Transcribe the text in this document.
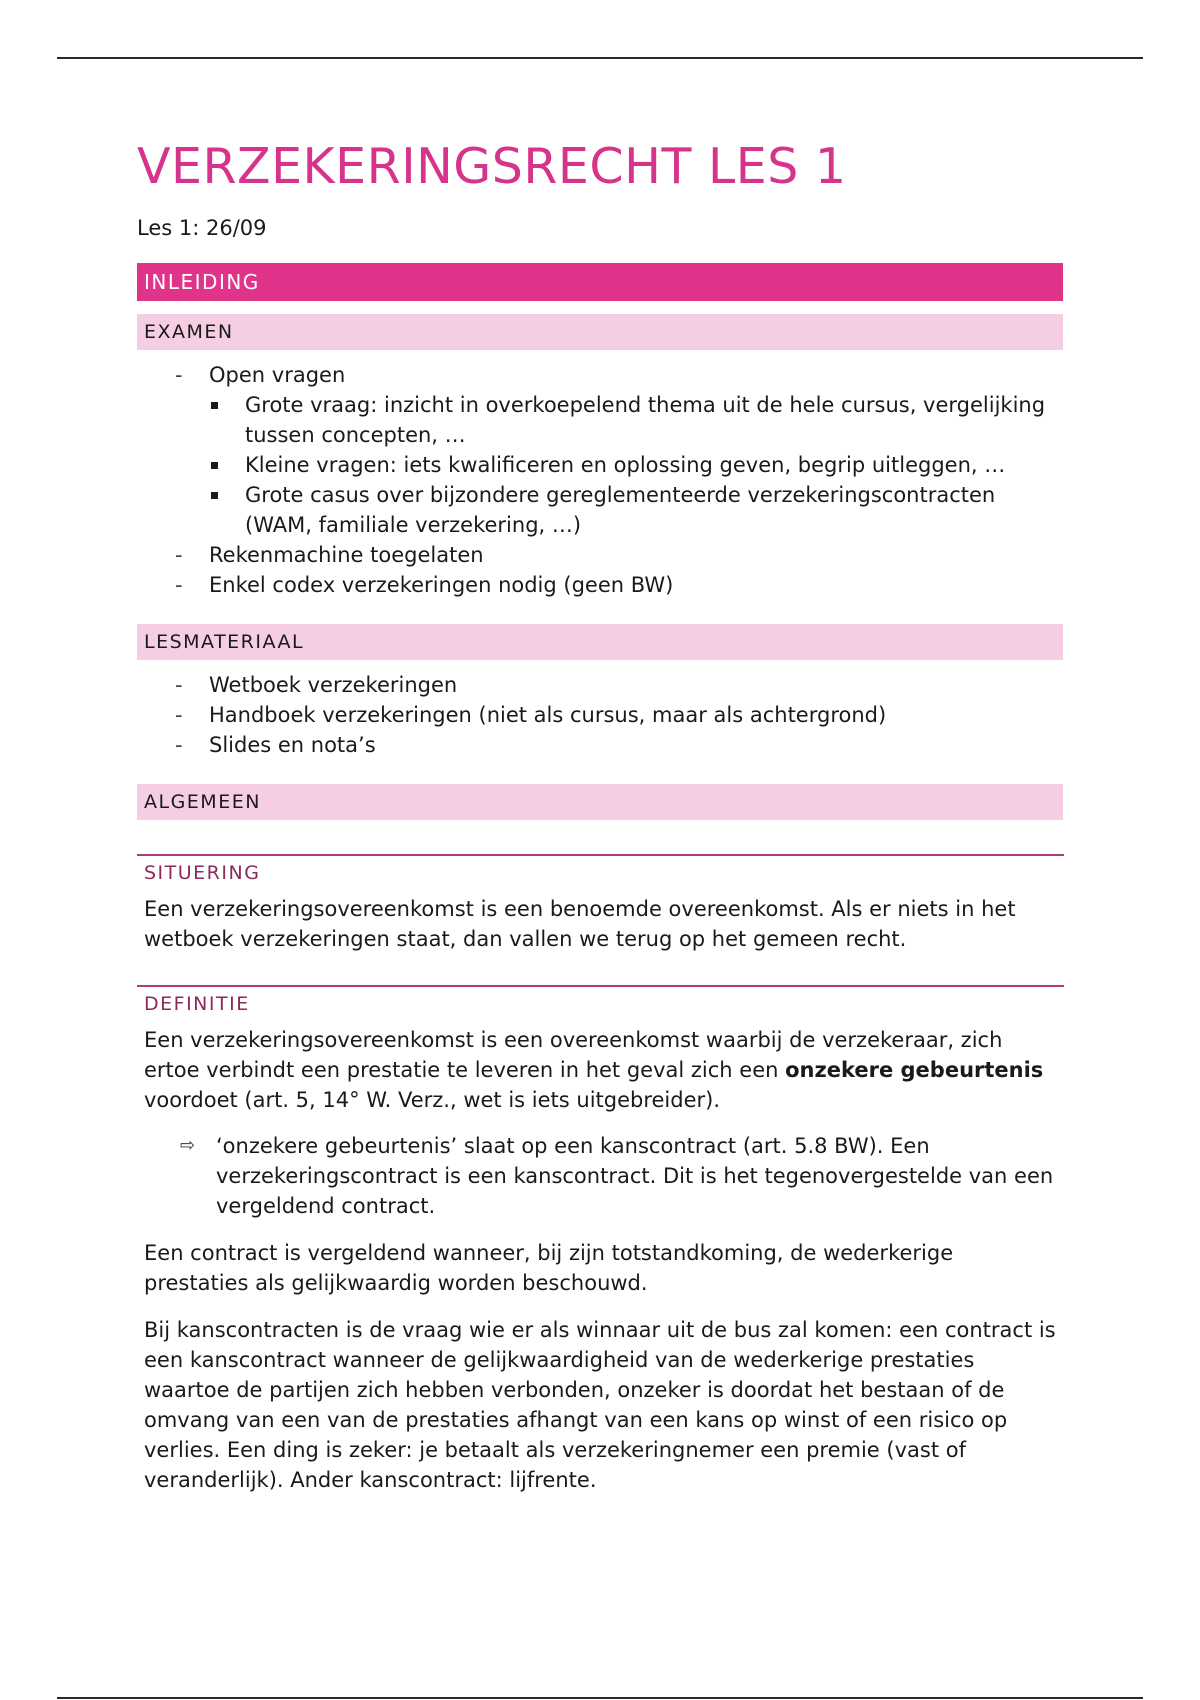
VERZEKERINGSRECHT LES 1
Les 1: 26/09
INLEIDING
EXAMEN
- Open vragen
Grote vraag: inzicht in overkoepelend thema uit de hele cursus, vergelijking tussen concepten, …
Kleine vragen: iets kwalificeren en oplossing geven, begrip uitleggen, …
Grote casus over bijzondere gereglementeerde verzekeringscontracten (WAM, familiale verzekering, …)
- Rekenmachine toegelaten
- Enkel codex verzekeringen nodig (geen BW)
LESMATERIAAL
- Wetboek verzekeringen
- Handboek verzekeringen (niet als cursus, maar als achtergrond)
- Slides en nota’s
ALGEMEEN
SITUERING

Een verzekeringsovereenkomst is een benoemde overeenkomst. Als er niets in het wetboek verzekeringen staat, dan vallen we terug op het gemeen recht.

DEFINITIE

Een verzekeringsovereenkomst is een overeenkomst waarbij de verzekeraar, zich ertoe verbindt een prestatie te leveren in het geval zich een onzekere gebeurtenis voordoet (art. 5, 14° W. Verz., wet is iets uitgebreider).

⇨ ‘onzekere gebeurtenis’ slaat op een kanscontract (art. 5.8 BW). Een verzekeringscontract is een kanscontract. Dit is het tegenovergestelde van een vergeldend contract.

Een contract is vergeldend wanneer, bij zijn totstandkoming, de wederkerige prestaties als gelijkwaardig worden beschouwd.

Bij kanscontracten is de vraag wie er als winnaar uit de bus zal komen: een contract is een kanscontract wanneer de gelijkwaardigheid van de wederkerige prestaties waartoe de partijen zich hebben verbonden, onzeker is doordat het bestaan of de omvang van een van de prestaties afhangt van een kans op winst of een risico op verlies. Een ding is zeker: je betaalt als verzekeringnemer een premie (vast of veranderlijk). Ander kanscontract: lijfrente.
